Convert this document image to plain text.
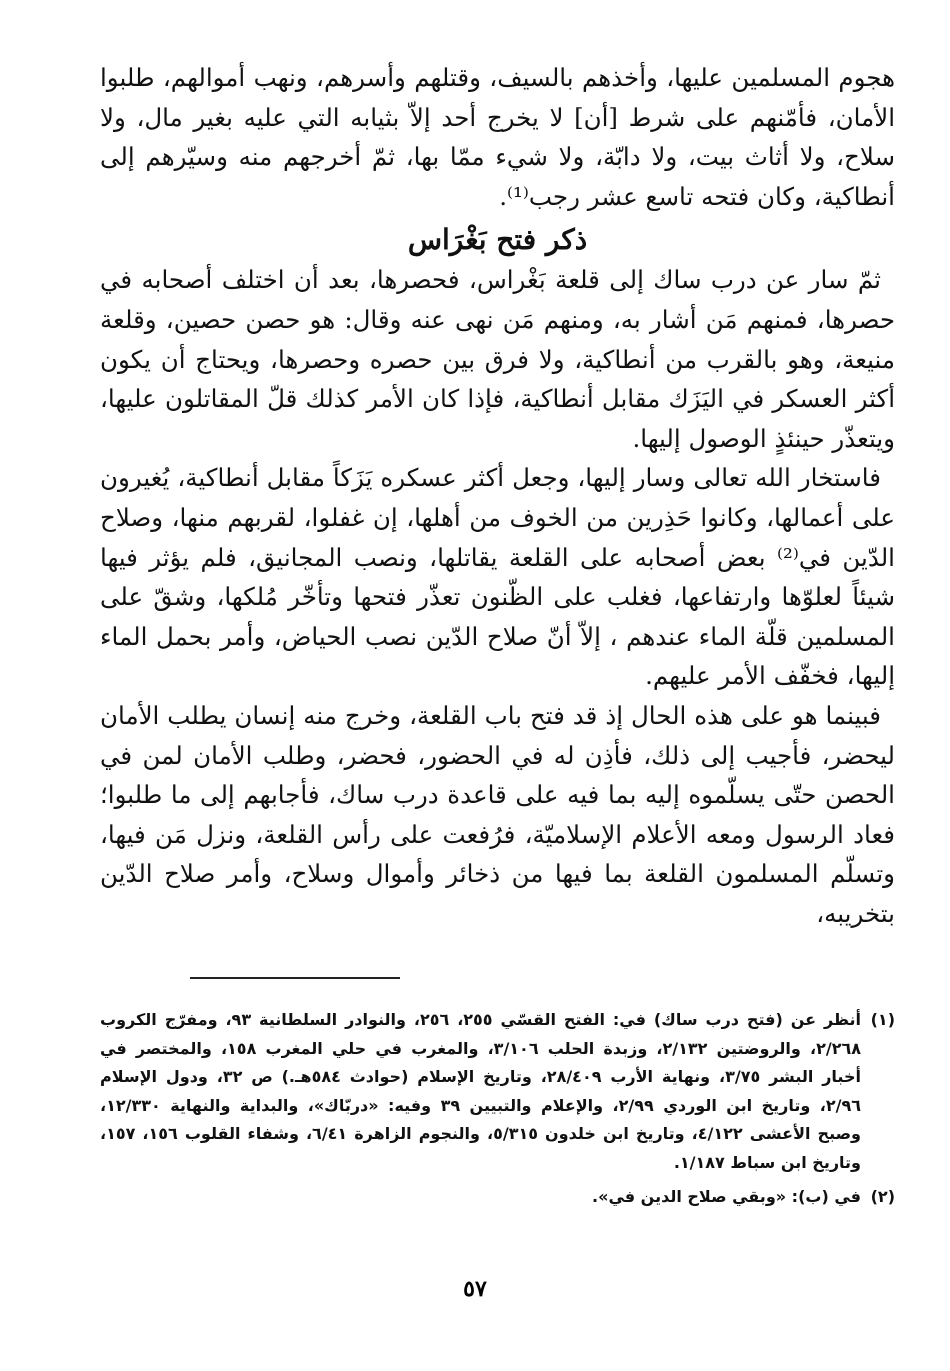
هجوم المسلمين عليها، وأخذهم بالسيف، وقتلهم وأسرهم، ونهب أموالهم، طلبوا الأمان، فأمّنهم على شرط [أن] لا يخرج أحد إلاّ بثيابه التي عليه بغير مال، ولا سلاح، ولا أثاث بيت، ولا دابّة، ولا شيء ممّا بها، ثمّ أخرجهم منه وسيّرهم إلى أنطاكية، وكان فتحه تاسع عشر رجب⁽¹⁾.

ذكر فتح بَغْرَاس

ثمّ سار عن درب ساك إلى قلعة بَغْراس، فحصرها، بعد أن اختلف أصحابه في حصرها، فمنهم مَن أشار به، ومنهم مَن نهى عنه وقال: هو حصن حصين، وقلعة منيعة، وهو بالقرب من أنطاكية، ولا فرق بين حصره وحصرها، ويحتاج أن يكون أكثر العسكر في اليَزَك مقابل أنطاكية، فإذا كان الأمر كذلك قلّ المقاتلون عليها، ويتعذّر حينئذٍ الوصول إليها.

فاستخار الله تعالى وسار إليها، وجعل أكثر عسكره يَزَكاً مقابل أنطاكية، يُغيرون على أعمالها، وكانوا حَذِرين من الخوف من أهلها، إن غفلوا، لقربهم منها، وصلاح الدّين في⁽²⁾ بعض أصحابه على القلعة يقاتلها، ونصب المجانيق، فلم يؤثر فيها شيئاً لعلوّها وارتفاعها، فغلب على الظّنون تعذّر فتحها وتأخّر مُلكها، وشقّ على المسلمين قلّة الماء عندهم ، إلاّ أنّ صلاح الدّين نصب الحياض، وأمر بحمل الماء إليها، فخفّف الأمر عليهم.

فبينما هو على هذه الحال إذ قد فتح باب القلعة، وخرج منه إنسان يطلب الأمان ليحضر، فأجيب إلى ذلك، فأذِن له في الحضور، فحضر، وطلب الأمان لمن في الحصن حتّى يسلّموه إليه بما فيه على قاعدة درب ساك، فأجابهم إلى ما طلبوا؛ فعاد الرسول ومعه الأعلام الإسلاميّة، فرُفعت على رأس القلعة، ونزل مَن فيها، وتسلّم المسلمون القلعة بما فيها من ذخائر وأموال وسلاح، وأمر صلاح الدّين بتخريبه،

(١)
أنظر عن (فتح درب ساك) في: الفتح القسّي ٢٥٥، ٢٥٦، والنوادر السلطانية ٩٣، ومفرّج الكروب ٢/٢٦٨، والروضتين ٢/١٣٢، وزبدة الحلب ٣/١٠٦، والمغرب في حلي المغرب ١٥٨، والمختصر في أخبار البشر ٣/٧٥، ونهاية الأرب ٢٨/٤٠٩، وتاريخ الإسلام (حوادث ٥٨٤هـ.) ص ٣٢، ودول الإسلام ٢/٩٦، وتاريخ ابن الوردي ٢/٩٩، والإعلام والتبيين ٣٩ وفيه: «دربّاك»، والبداية والنهاية ١٢/٣٣٠، وصبح الأعشى ٤/١٢٢، وتاريخ ابن خلدون ٥/٣١٥، والنجوم الزاهرة ٦/٤١، وشفاء القلوب ١٥٦، ١٥٧، وتاريخ ابن سباط ١/١٨٧.
(٢)
في (ب): «وبقي صلاح الدين في».
٥٧
